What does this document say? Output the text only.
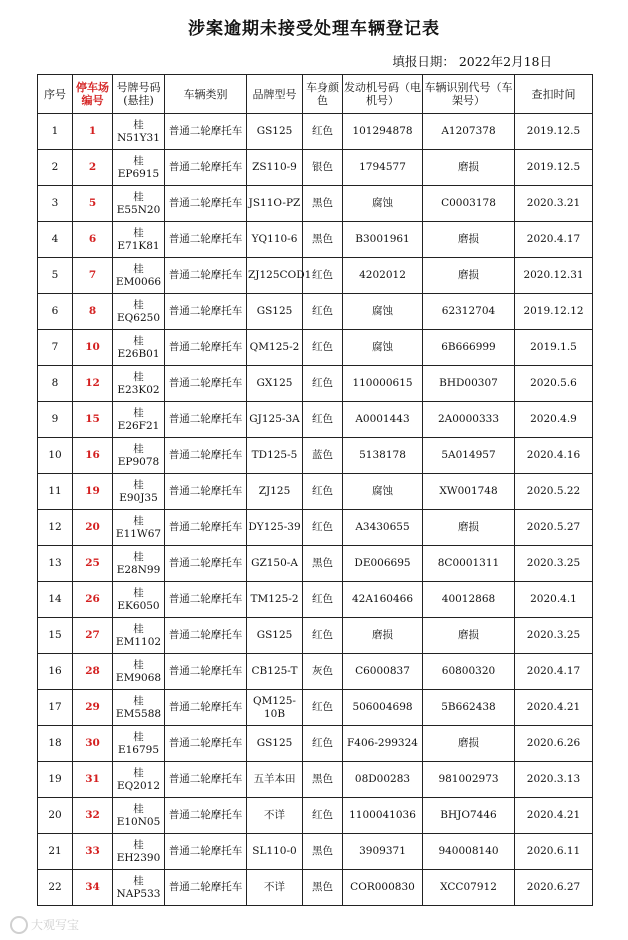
涉案逾期未接受处理车辆登记表
填报日期： 2022年2月18日
序号	停车场编号	号牌号码(悬挂)	车辆类别	品牌型号	车身颜色	发动机号码（电机号）	车辆识别代号（车架号）	查扣时间
1	1	桂N51Y31	普通二轮摩托车	GS125	红色	101294878	A1207378	2019.12.5
2	2	桂EP6915	普通二轮摩托车	ZS110-9	银色	1794577	磨损	2019.12.5
3	5	桂E55N20	普通二轮摩托车	JS11O-PZ	黑色	腐蚀	C0003178	2020.3.21
4	6	桂E71K81	普通二轮摩托车	YQ110-6	黑色	B3001961	磨损	2020.4.17
5	7	桂EM0066	普通二轮摩托车	ZJ125COD1	红色	4202012	磨损	2020.12.31
6	8	桂EQ6250	普通二轮摩托车	GS125	红色	腐蚀	62312704	2019.12.12
7	10	桂E26B01	普通二轮摩托车	QM125-2	红色	腐蚀	6B666999	2019.1.5
8	12	桂E23K02	普通二轮摩托车	GX125	红色	110000615	BHD00307	2020.5.6
9	15	桂E26F21	普通二轮摩托车	GJ125-3A	红色	A0001443	2A0000333	2020.4.9
10	16	桂EP9078	普通二轮摩托车	TD125-5	蓝色	5138178	5A014957	2020.4.16
11	19	桂E90J35	普通二轮摩托车	ZJ125	红色	腐蚀	XW001748	2020.5.22
12	20	桂E11W67	普通二轮摩托车	DY125-39	红色	A3430655	磨损	2020.5.27
13	25	桂E28N99	普通二轮摩托车	GZ150-A	黑色	DE006695	8C0001311	2020.3.25
14	26	桂EK6050	普通二轮摩托车	TM125-2	红色	42A160466	40012868	2020.4.1
15	27	桂EM1102	普通二轮摩托车	GS125	红色	磨损	磨损	2020.3.25
16	28	桂EM9068	普通二轮摩托车	CB125-T	灰色	C6000837	60800320	2020.4.17
17	29	桂EM5588	普通二轮摩托车	QM125-10B	红色	506004698	5B662438	2020.4.21
18	30	桂E16795	普通二轮摩托车	GS125	红色	F406-299324	磨损	2020.6.26
19	31	桂EQ2012	普通二轮摩托车	五羊本田	黑色	08D00283	981002973	2020.3.13
20	32	桂E10N05	普通二轮摩托车	不详	红色	1100041036	BHJO7446	2020.4.21
21	33	桂EH2390	普通二轮摩托车	SL110-0	黑色	3909371	940008140	2020.6.11
22	34	桂NAP533	普通二轮摩托车	不详	黑色	COR000830	XCC07912	2020.6.27
大观写宝
